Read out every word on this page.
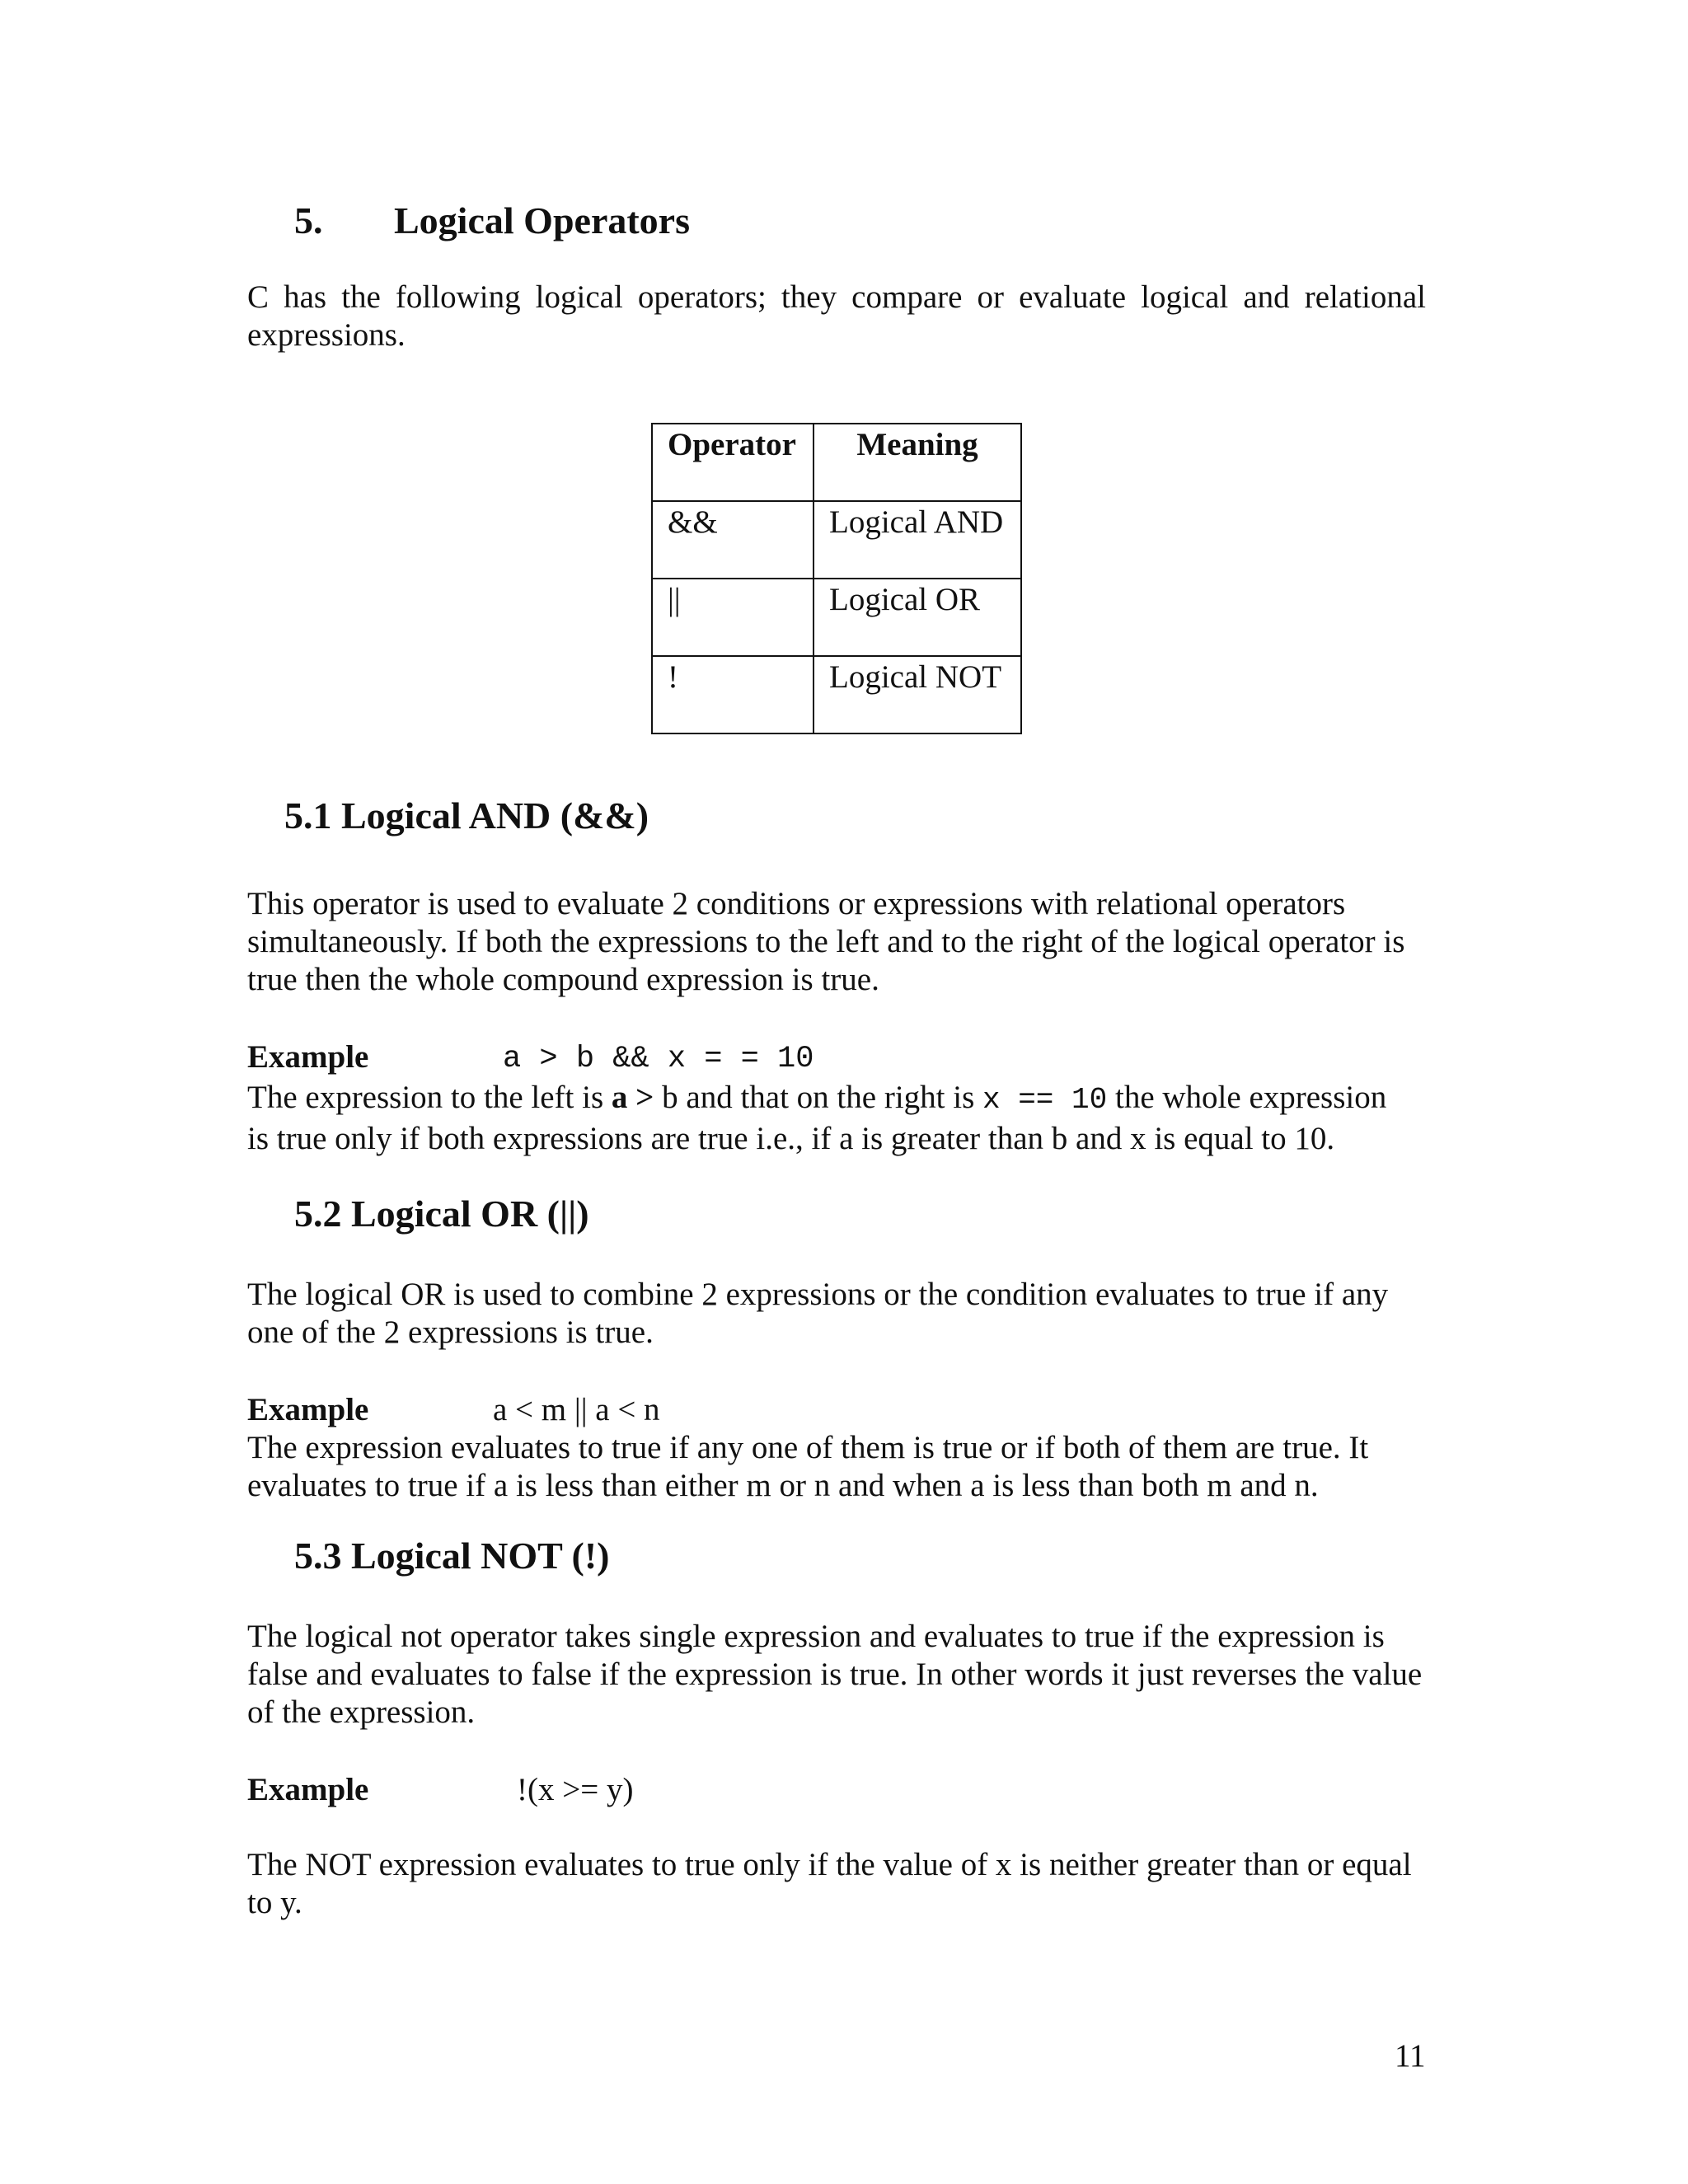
5. Logical Operators
C has the following logical operators; they compare or evaluate logical and relational expressions.
Operator	Meaning
&&	Logical AND
||	Logical OR
!	Logical NOT
5.1 Logical AND (&&)
This operator is used to evaluate 2 conditions or expressions with relational operators simultaneously. If both the expressions to the left and to the right of the logical operator is true then the whole compound expression is true.
Example	a > b && x = = 10
The expression to the left is a > b and that on the right is x == 10 the whole expression
is true only if both expressions are true i.e., if a is greater than b and x is equal to 10.
5.2 Logical OR (||)
The logical OR is used to combine 2 expressions or the condition evaluates to true if any one of the 2 expressions is true.
Example	a < m || a < n
The expression evaluates to true if any one of them is true or if both of them are true. It evaluates to true if a is less than either m or n and when a is less than both m and n.
5.3 Logical NOT (!)
The logical not operator takes single expression and evaluates to true if the expression is false and evaluates to false if the expression is true. In other words it just reverses the value of the expression.
Example	!(x >= y)
The NOT expression evaluates to true only if the value of x is neither greater than or equal to y.
11
